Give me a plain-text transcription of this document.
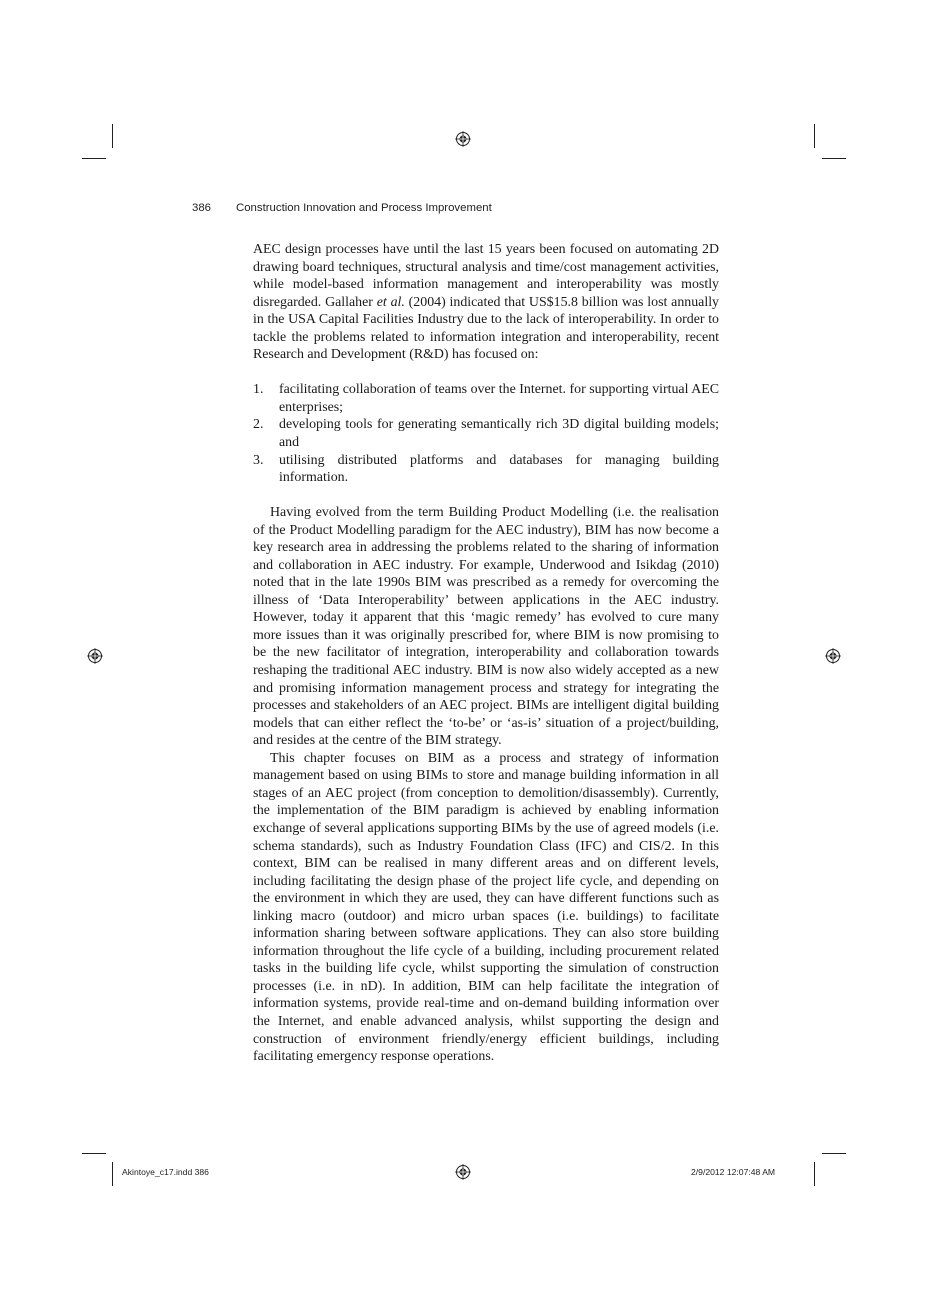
386 Construction Innovation and Process Improvement

AEC design processes have until the last 15 years been focused on automating 2D drawing board techniques, structural analysis and time/cost management activities, while model-based information management and interoperability was mostly disregarded. Gallaher et al. (2004) indicated that US$15.8 billion was lost annually in the USA Capital Facilities Industry due to the lack of interoperability. In order to tackle the problems related to information integration and interoperability, recent Research and Development (R&D) has focused on:

1. facilitating collaboration of teams over the Internet. for supporting virtual AEC enterprises;
2. developing tools for generating semantically rich 3D digital building models; and
3. utilising distributed platforms and databases for managing building information.

Having evolved from the term Building Product Modelling (i.e. the realisation of the Product Modelling paradigm for the AEC industry), BIM has now become a key research area in addressing the problems related to the sharing of information and collaboration in AEC industry. For example, Underwood and Isikdag (2010) noted that in the late 1990s BIM was prescribed as a remedy for overcoming the illness of ‘Data Interoperability’ between applications in the AEC industry. However, today it apparent that this ‘magic remedy’ has evolved to cure many more issues than it was originally prescribed for, where BIM is now promising to be the new facilitator of integration, interoperability and collaboration towards reshaping the traditional AEC industry. BIM is now also widely accepted as a new and promising information management process and strategy for integrating the processes and stakeholders of an AEC project. BIMs are intelligent digital building models that can either reflect the ‘to-be’ or ‘as-is’ situation of a project/building, and resides at the centre of the BIM strategy.

This chapter focuses on BIM as a process and strategy of information management based on using BIMs to store and manage building information in all stages of an AEC project (from conception to demolition/disassembly). Currently, the implementation of the BIM paradigm is achieved by enabling information exchange of several applications supporting BIMs by the use of agreed models (i.e. schema standards), such as Industry Foundation Class (IFC) and CIS/2. In this context, BIM can be realised in many different areas and on different levels, including facilitating the design phase of the project life cycle, and depending on the environment in which they are used, they can have different functions such as linking macro (outdoor) and micro urban spaces (i.e. buildings) to facilitate information sharing between software applications. They can also store building information throughout the life cycle of a building, including procurement related tasks in the building life cycle, whilst supporting the simulation of construction processes (i.e. in nD). In addition, BIM can help facilitate the integration of information systems, provide real-time and on-demand building information over the Internet, and enable advanced analysis, whilst supporting the design and construction of environment friendly/energy efficient buildings, including facilitating emergency response operations.

Akintoye_c17.indd 386	2/9/2012 12:07:48 AM
